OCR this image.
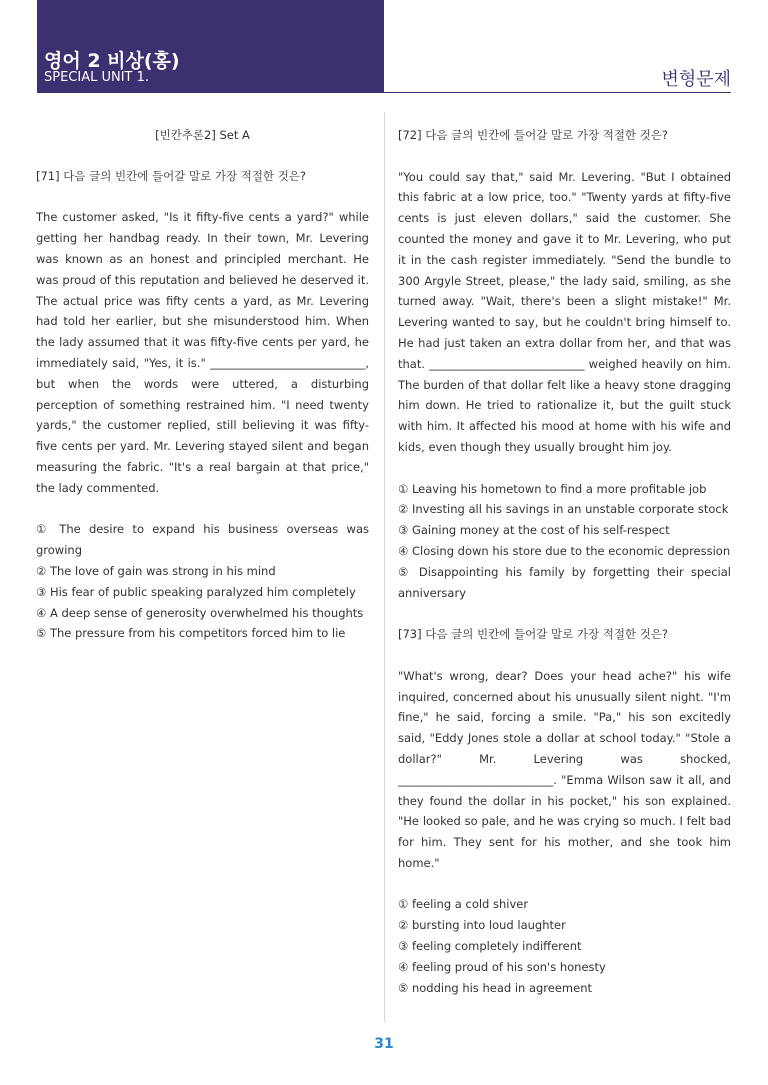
영어 2 비상(홍)
SPECIAL UNIT 1.	변형문제
[빈칸추론2] Set A
[71] 다음 글의 빈칸에 들어갈 말로 가장 적절한 것은?

The customer asked, "Is it fifty-five cents a yard?" while getting her handbag ready. In their town, Mr. Levering was known as an honest and principled merchant. He was proud of this reputation and believed he deserved it. The actual price was fifty cents a yard, as Mr. Levering had told her earlier, but she misunderstood him. When the lady assumed that it was fifty-five cents per yard, he immediately said, "Yes, it is." ___________________________, but when the words were uttered, a disturbing perception of something restrained him. "I need twenty yards," the customer replied, still believing it was fifty-five cents per yard. Mr. Levering stayed silent and began measuring the fabric. "It's a real bargain at that price," the lady commented.

① The desire to expand his business overseas was growing
② The love of gain was strong in his mind
③ His fear of public speaking paralyzed him completely
④ A deep sense of generosity overwhelmed his thoughts
⑤ The pressure from his competitors forced him to lie
[72] 다음 글의 빈칸에 들어갈 말로 가장 적절한 것은?

"You could say that," said Mr. Levering. "But I obtained this fabric at a low price, too." "Twenty yards at fifty-five cents is just eleven dollars," said the customer. She counted the money and gave it to Mr. Levering, who put it in the cash register immediately. "Send the bundle to 300 Argyle Street, please," the lady said, smiling, as she turned away. "Wait, there's been a slight mistake!" Mr. Levering wanted to say, but he couldn't bring himself to. He had just taken an extra dollar from her, and that was that. ___________________________ weighed heavily on him. The burden of that dollar felt like a heavy stone dragging him down. He tried to rationalize it, but the guilt stuck with him. It affected his mood at home with his wife and kids, even though they usually brought him joy.

① Leaving his hometown to find a more profitable job
② Investing all his savings in an unstable corporate stock
③ Gaining money at the cost of his self-respect
④ Closing down his store due to the economic depression
⑤ Disappointing his family by forgetting their special anniversary
[73] 다음 글의 빈칸에 들어갈 말로 가장 적절한 것은?

"What's wrong, dear? Does your head ache?" his wife inquired, concerned about his unusually silent night. "I'm fine," he said, forcing a smile. "Pa," his son excitedly said, "Eddy Jones stole a dollar at school today." "Stole a dollar?" Mr. Levering was shocked, ___________________________. "Emma Wilson saw it all, and they found the dollar in his pocket," his son explained. "He looked so pale, and he was crying so much. I felt bad for him. They sent for his mother, and she took him home."

① feeling a cold shiver
② bursting into loud laughter
③ feeling completely indifferent
④ feeling proud of his son's honesty
⑤ nodding his head in agreement
31
